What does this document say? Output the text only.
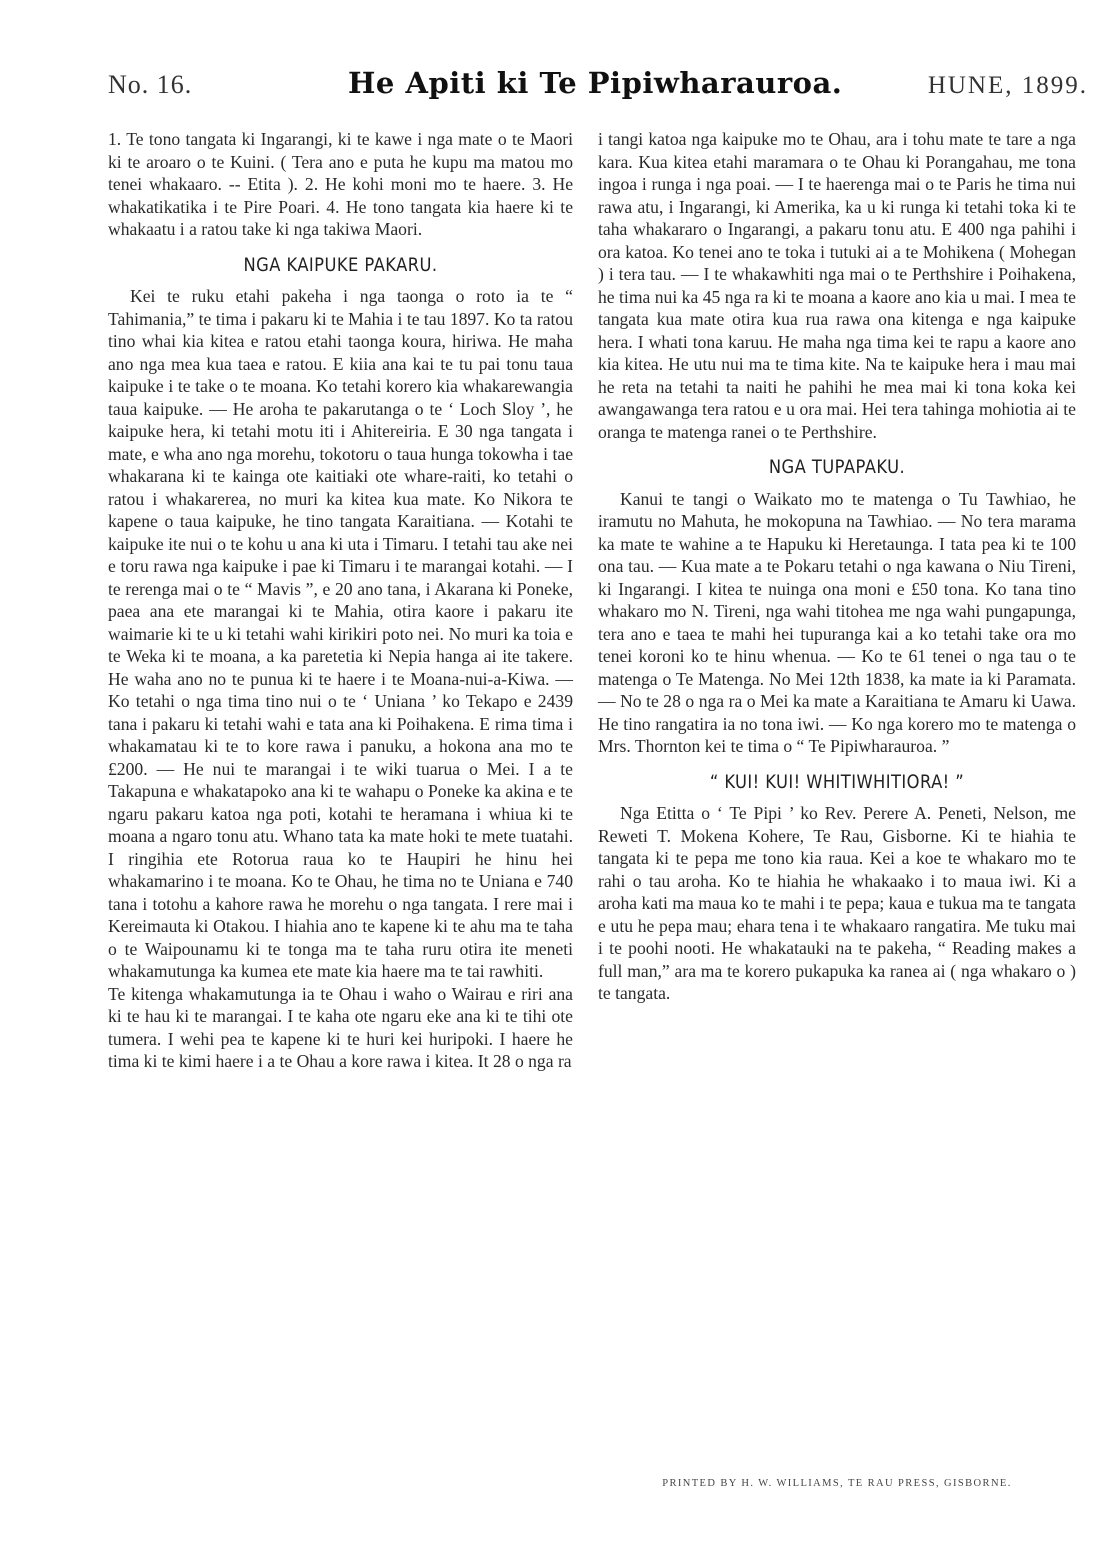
No. 16.	He Apiti ki Te Pipiwharauroa.	HUNE, 1899.

1. Te tono tangata ki Ingarangi, ki te kawe i nga mate o te Maori ki te aroaro o te Kuini. ( Tera ano e puta he kupu ma matou mo tenei whakaaro. -- Etita ). 2. He kohi moni mo te haere. 3. He whakatikatika i te Pire Poari. 4. He tono tangata kia haere ki te whakaatu i a ratou take ki nga takiwa Maori.

NGA KAIPUKE PAKARU.

Kei te ruku etahi pakeha i nga taonga o roto ia te “ Tahimania,” te tima i pakaru ki te Mahia i te tau 1897. Ko ta ratou tino whai kia kitea e ratou etahi taonga koura, hiriwa. He maha ano nga mea kua taea e ratou. E kiia ana kai te tu pai tonu taua kaipuke i te take o te moana. Ko tetahi korero kia whakarewangia taua kaipuke. — He aroha te pakarutanga o te ‘ Loch Sloy ’, he kaipuke hera, ki tetahi motu iti i Ahitereiria. E 30 nga tangata i mate, e wha ano nga morehu, tokotoru o taua hunga tokowha i tae whakarana ki te kainga ote kaitiaki ote whare-raiti, ko tetahi o ratou i whakarerea, no muri ka kitea kua mate. Ko Nikora te kapene o taua kaipuke, he tino tangata Karaitiana. — Kotahi te kaipuke ite nui o te kohu u ana ki uta i Timaru. I tetahi tau ake nei e toru rawa nga kaipuke i pae ki Timaru i te marangai kotahi. — I te rerenga mai o te “ Mavis ”, e 20 ano tana, i Akarana ki Poneke, paea ana ete marangai ki te Mahia, otira kaore i pakaru ite waimarie ki te u ki tetahi wahi kirikiri poto nei. No muri ka toia e te Weka ki te moana, a ka paretetia ki Nepia hanga ai ite takere. He waha ano no te punua ki te haere i te Moana-nui-a-Kiwa. — Ko tetahi o nga tima tino nui o te ‘ Uniana ’ ko Tekapo e 2439 tana i pakaru ki tetahi wahi e tata ana ki Poihakena. E rima tima i whakamatau ki te to kore rawa i panuku, a hokona ana mo te £200. — He nui te marangai i te wiki tuarua o Mei. I a te Takapuna e whakatapoko ana ki te wahapu o Poneke ka akina e te ngaru pakaru katoa nga poti, kotahi te heramana i whiua ki te moana a ngaro tonu atu. Whano tata ka mate hoki te mete tuatahi. I ringihia ete Rotorua raua ko te Haupiri he hinu hei whakamarino i te moana. Ko te Ohau, he tima no te Uniana e 740 tana i totohu a kahore rawa he morehu o nga tangata. I rere mai i Kereimauta ki Otakou. I hiahia ano te kapene ki te ahu ma te taha o te Waipounamu ki te tonga ma te taha ruru otira ite meneti whakamutunga ka kumea ete mate kia haere ma te tai rawhiti.

Te kitenga whakamutunga ia te Ohau i waho o Wairau e riri ana ki te hau ki te marangai. I te kaha ote ngaru eke ana ki te tihi ote tumera. I wehi pea te kapene ki te huri kei huripoki. I haere he tima ki te kimi haere i a te Ohau a kore rawa i kitea. It 28 o nga ra

i tangi katoa nga kaipuke mo te Ohau, ara i tohu mate te tare a nga kara. Kua kitea etahi maramara o te Ohau ki Porangahau, me tona ingoa i runga i nga poai. — I te haerenga mai o te Paris he tima nui rawa atu, i Ingarangi, ki Amerika, ka u ki runga ki tetahi toka ki te taha whakararo o Ingarangi, a pakaru tonu atu. E 400 nga pahihi i ora katoa. Ko tenei ano te toka i tutuki ai a te Mohikena ( Mohegan ) i tera tau. — I te whakawhiti nga mai o te Perthshire i Poihakena, he tima nui ka 45 nga ra ki te moana a kaore ano kia u mai. I mea te tangata kua mate otira kua rua rawa ona kitenga e nga kaipuke hera. I whati tona karuu. He maha nga tima kei te rapu a kaore ano kia kitea. He utu nui ma te tima kite. Na te kaipuke hera i mau mai he reta na tetahi ta naiti he pahihi he mea mai ki tona koka kei awangawanga tera ratou e u ora mai. Hei tera tahinga mohiotia ai te oranga te matenga ranei o te Perthshire.

NGA TUPAPAKU.

Kanui te tangi o Waikato mo te matenga o Tu Tawhiao, he iramutu no Mahuta, he mokopuna na Tawhiao. — No tera marama ka mate te wahine a te Hapuku ki Heretaunga. I tata pea ki te 100 ona tau. — Kua mate a te Pokaru tetahi o nga kawana o Niu Tireni, ki Ingarangi. I kitea te nuinga ona moni e £50 tona. Ko tana tino whakaro mo N. Tireni, nga wahi titohea me nga wahi pungapunga, tera ano e taea te mahi hei tupuranga kai a ko tetahi take ora mo tenei koroni ko te hinu whenua. — Ko te 61 tenei o nga tau o te matenga o Te Matenga. No Mei 12th 1838, ka mate ia ki Paramata. — No te 28 o nga ra o Mei ka mate a Karaitiana te Amaru ki Uawa. He tino rangatira ia no tona iwi. — Ko nga korero mo te matenga o Mrs. Thornton kei te tima o “ Te Pipiwharauroa. ”

“ KUI! KUI! WHITIWHITIORA! ”

Nga Etitta o ‘ Te Pipi ’ ko Rev. Perere A. Peneti, Nelson, me Reweti T. Mokena Kohere, Te Rau, Gisborne. Ki te hiahia te tangata ki te pepa me tono kia raua. Kei a koe te whakaro mo te rahi o tau aroha. Ko te hiahia he whakaako i to maua iwi. Ki a aroha kati ma maua ko te mahi i te pepa; kaua e tukua ma te tangata e utu he pepa mau; ehara tena i te whakaaro rangatira. Me tuku mai i te poohi nooti. He whakatauki na te pakeha, “ Reading makes a full man,” ara ma te korero pukapuka ka ranea ai ( nga whakaro o ) te tangata.

PRINTED BY H. W. WILLIAMS, TE RAU PRESS, GISBORNE.
